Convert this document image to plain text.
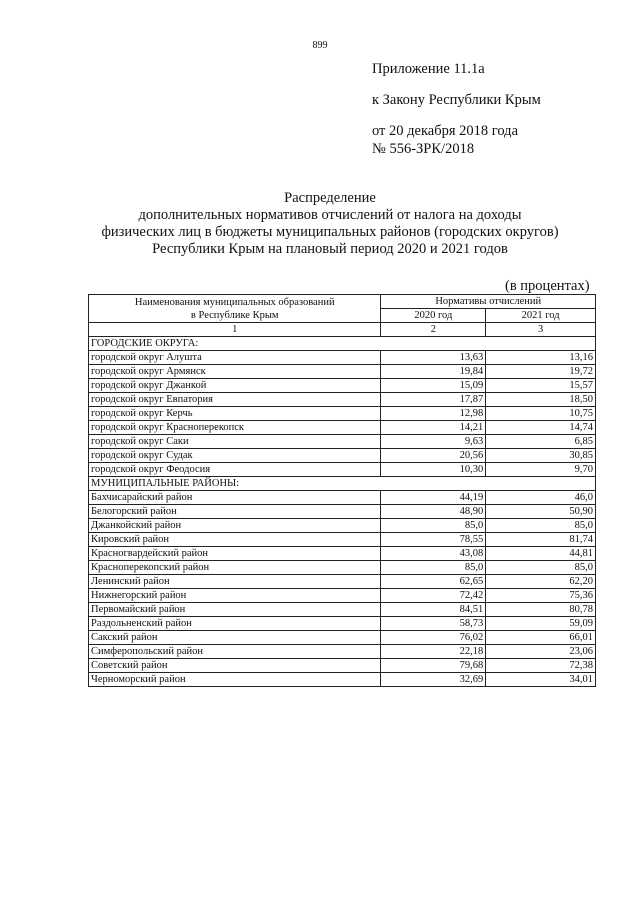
899
Приложение 11.1а
к Закону Республики Крым
от 20 декабря 2018 года
№ 556-ЗРК/2018
Распределение
дополнительных нормативов отчислений от налога на доходы
физических лиц в бюджеты муниципальных районов (городских округов)
Республики Крым на плановый период 2020 и 2021 годов
(в процентах)
Наименования муниципальных образований
в Республике Крым	Нормативы отчислений	
	2020 год	2021 год
1	2	3
ГОРОДСКИЕ ОКРУГА:		
городской округ Алушта	13,63	13,16
городской округ Армянск	19,84	19,72
городской округ Джанкой	15,09	15,57
городской округ Евпатория	17,87	18,50
городской округ Керчь	12,98	10,75
городской округ Красноперекопск	14,21	14,74
городской округ Саки	9,63	6,85
городской округ Судак	20,56	30,85
городской округ Феодосия	10,30	9,70
МУНИЦИПАЛЬНЫЕ РАЙОНЫ:		
Бахчисарайский район	44,19	46,0
Белогорский район	48,90	50,90
Джанкойский район	85,0	85,0
Кировский район	78,55	81,74
Красногвардейский район	43,08	44,81
Красноперекопский район	85,0	85,0
Ленинский район	62,65	62,20
Нижнегорский район	72,42	75,36
Первомайский район	84,51	80,78
Раздольненский район	58,73	59,09
Сакский район	76,02	66,01
Симферопольский район	22,18	23,06
Советский район	79,68	72,38
Черноморский район	32,69	34,01
